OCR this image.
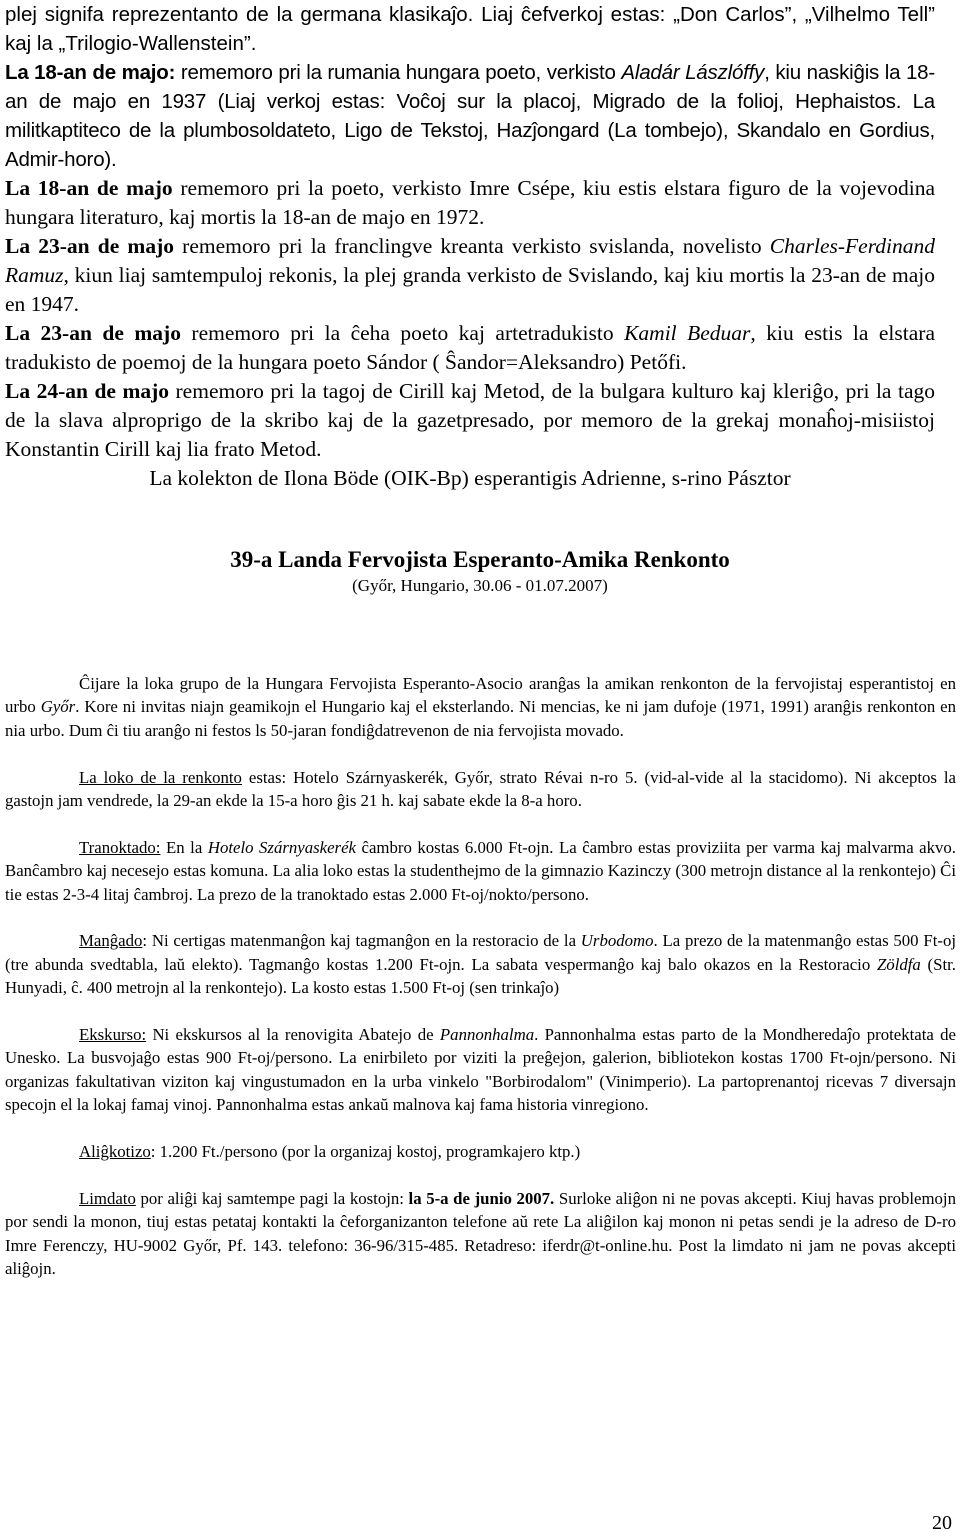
plej signifa reprezentanto de la germana klasikaĵo. Liaj ĉefverkoj estas: „Don Carlos”, „Vilhelmo Tell” kaj la „Trilogio-Wallenstein”.

La 18-an de majo: rememoro pri la rumania hungara poeto, verkisto Aladár Lászlóffy, kiu naskiĝis la 18-an de majo en 1937 (Liaj verkoj estas: Voĉoj sur la placoj, Migrado de la folioj, Hephaistos. La militkaptiteco de la plumbosoldateto, Ligo de Tekstoj, Hazĵongard (La tombejo), Skandalo en Gordius, Admir-horo).

La 18-an de majo rememoro pri la poeto, verkisto Imre Csépe, kiu estis elstara figuro de la vojevodina hungara literaturo, kaj mortis la 18-an de majo en 1972.

La 23-an de majo rememoro pri la franclingve kreanta verkisto svislanda, novelisto Charles-Ferdinand Ramuz, kiun liaj samtempuloj rekonis, la plej granda verkisto de Svislando, kaj kiu mortis la 23-an de majo en 1947.

La 23-an de majo rememoro pri la ĉeha poeto kaj artetradukisto Kamil Beduar, kiu estis la elstara tradukisto de poemoj de la hungara poeto Sándor ( Ŝandor=Aleksandro) Petőfi.

La 24-an de majo rememoro pri la tagoj de Cirill kaj Metod, de la bulgara kulturo kaj kleriĝo, pri la tago de la slava alproprigo de la skribo kaj de la gazetpresado, por memoro de la grekaj monaĥoj-misiistoj Konstantin Cirill kaj lia frato Metod.

La kolekton de Ilona Böde (OIK-Bp) esperantigis Adrienne, s-rino Pásztor

39-a Landa Fervojista Esperanto-Amika Renkonto
(Győr, Hungario, 30.06 - 01.07.2007)

Ĉijare la loka grupo de la Hungara Fervojista Esperanto-Asocio aranĝas la amikan renkonton de la fervojistaj esperantistoj en urbo Győr. Kore ni invitas niajn geamikojn el Hungario kaj el eksterlando. Ni mencias, ke ni jam dufoje (1971, 1991) aranĝis renkonton en nia urbo. Dum ĉi tiu aranĝo ni festos ls 50-jaran fondiĝdatrevenon de nia fervojista movado.

La loko de la renkonto estas: Hotelo Szárnyaskerék, Győr, strato Révai n-ro 5. (vid-al-vide al la stacidomo). Ni akceptos la gastojn jam vendrede, la 29-an ekde la 15-a horo ĝis 21 h. kaj sabate ekde la 8-a horo.

Tranoktado: En la Hotelo Szárnyaskerék ĉambro kostas 6.000 Ft-ojn. La ĉambro estas proviziita per varma kaj malvarma akvo. Banĉambro kaj necesejo estas komuna. La alia loko estas la studenthejmo de la gimnazio Kazinczy (300 metrojn distance al la renkontejo) Ĉi tie estas 2-3-4 litaj ĉambroj. La prezo de la tranoktado estas 2.000 Ft-oj/nokto/persono.

Manĝado: Ni certigas matenmanĝon kaj tagmanĝon en la restoracio de la Urbodomo. La prezo de la matenmanĝo estas 500 Ft-oj (tre abunda svedtabla, laŭ elekto). Tagmanĝo kostas 1.200 Ft-ojn. La sabata vespermanĝo kaj balo okazos en la Restoracio Zöldfa (Str. Hunyadi, ĉ. 400 metrojn al la renkontejo). La kosto estas 1.500 Ft-oj (sen trinkaĵo)

Ekskurso: Ni ekskursos al la renovigita Abatejo de Pannonhalma. Pannonhalma estas parto de la Mondheredaĵo protektata de Unesko. La busvojaĝo estas 900 Ft-oj/persono. La enirbileto por viziti la preĝejon, galerion, bibliotekon kostas 1700 Ft-ojn/persono. Ni organizas fakultativan viziton kaj vingustumadon en la urba vinkelo "Borbirodalom" (Vinimperio). La partoprenantoj ricevas 7 diversajn specojn el la lokaj famaj vinoj. Pannonhalma estas ankaŭ malnova kaj fama historia vinregiono.

Aliĝkotizo: 1.200 Ft./persono (por la organizaj kostoj, programkajero ktp.)

Limdato por aliĝi kaj samtempe pagi la kostojn: la 5-a de junio 2007. Surloke aliĝon ni ne povas akcepti. Kiuj havas problemojn por sendi la monon, tiuj estas petataj kontakti la ĉeforganizanton telefone aŭ rete La aliĝilon kaj monon ni petas sendi je la adreso de D-ro Imre Ferenczy, HU-9002 Győr, Pf. 143. telefono: 36-96/315-485. Retadreso: iferdr@t-online.hu. Post la limdato ni jam ne povas akcepti aliĝojn.

20
